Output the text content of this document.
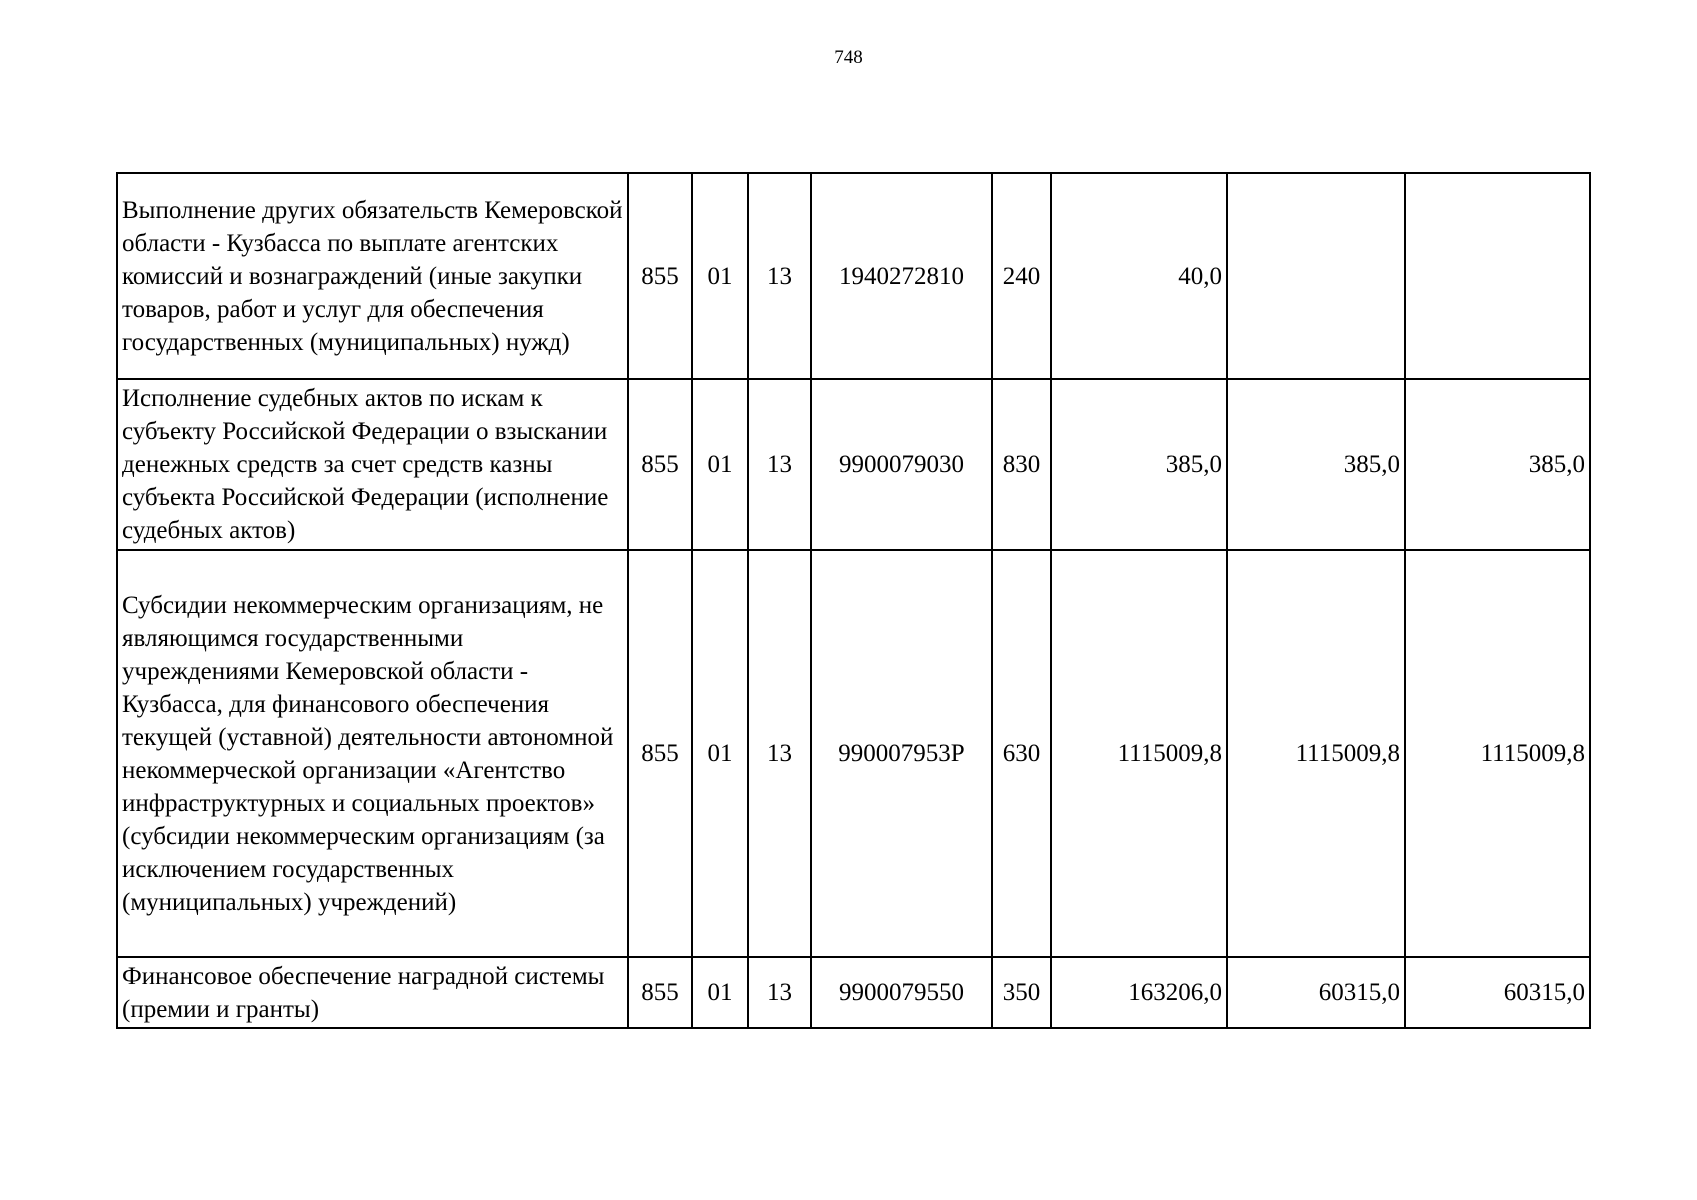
748
Выполнение других обязательств Кемеровской области - Кузбасса по выплате агентских комиссий и вознаграждений (иные закупки товаров, работ и услуг для обеспечения государственных (муниципальных) нужд)	855	01	13	1940272810	240	40,0		
Исполнение судебных актов по искам к субъекту Российской Федерации о взыскании денежных средств за счет средств казны субъекта Российской Федерации (исполнение судебных актов)	855	01	13	9900079030	830	385,0	385,0	385,0
Субсидии некоммерческим организациям, не являющимся государственными учреждениями Кемеровской области - Кузбасса, для финансового обеспечения текущей (уставной) деятельности автономной некоммерческой организации «Агентство инфраструктурных и социальных проектов» (субсидии некоммерческим организациям (за исключением государственных (муниципальных) учреждений)	855	01	13	990007953P	630	1115009,8	1115009,8	1115009,8
Финансовое обеспечение наградной системы (премии и гранты)	855	01	13	9900079550	350	163206,0	60315,0	60315,0
